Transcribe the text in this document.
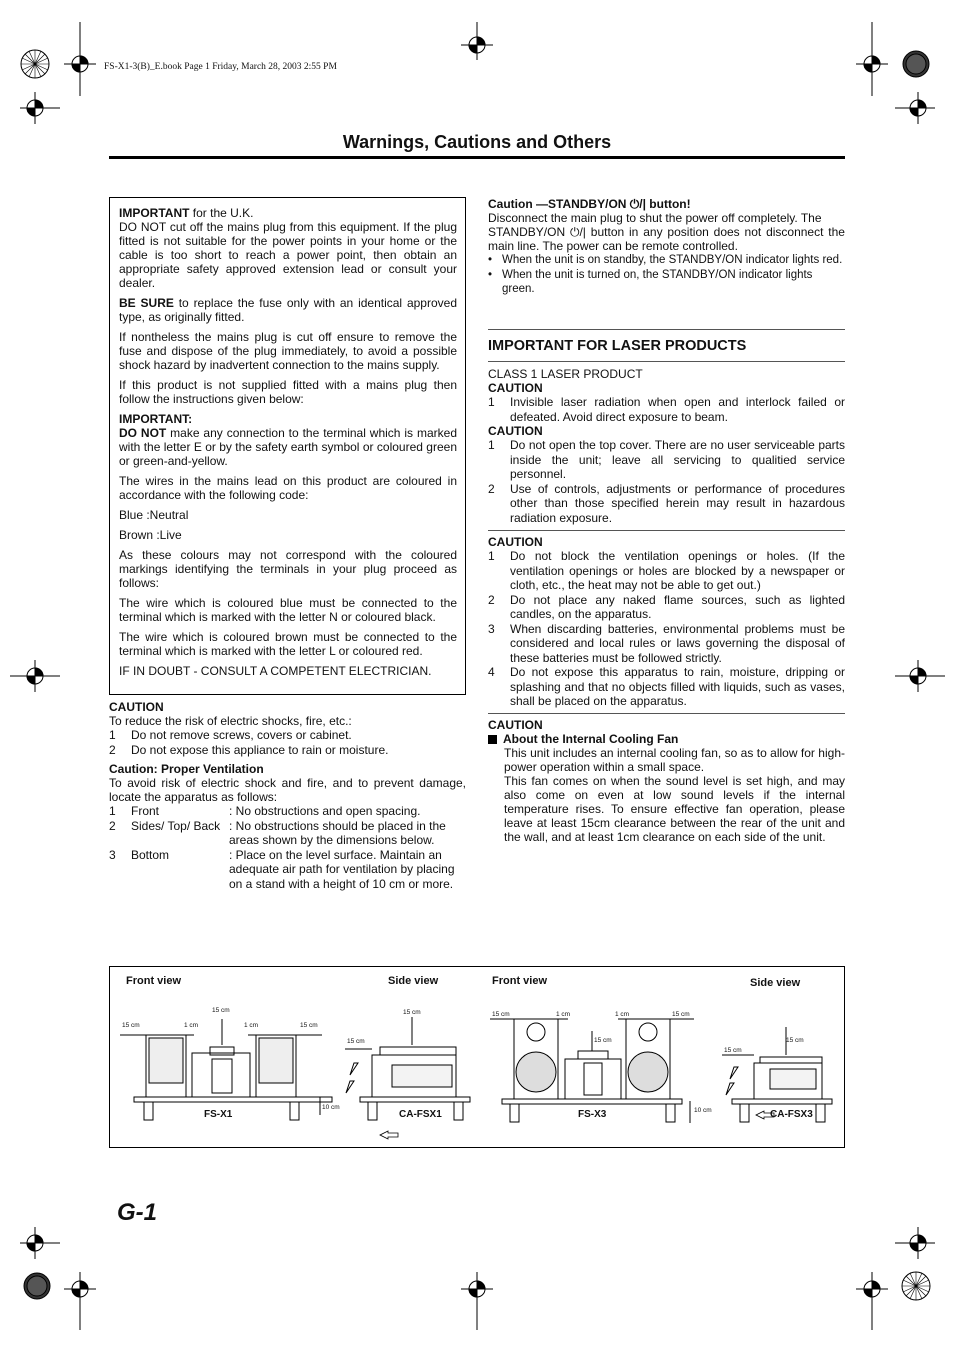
FS-X1-3(B)_E.book Page 1 Friday, March 28, 2003 2:55 PM
Warnings, Cautions and Others

IMPORTANT for the U.K.

DO NOT cut off the mains plug from this equipment. If the plug fitted is not suitable for the power points in your home or the cable is too short to reach a power point, then obtain an appropriate safety approved extension lead or consult your dealer.

BE SURE to replace the fuse only with an identical approved type, as originally fitted.

If nontheless the mains plug is cut off ensure to remove the fuse and dispose of the plug immediately, to avoid a possible shock hazard by inadvertent connection to the mains supply.

If this product is not supplied fitted with a mains plug then follow the instructions given below:

IMPORTANT:

DO NOT make any connection to the terminal which is marked with the letter E or by the safety earth symbol or coloured green or green-and-yellow.

The wires in the mains lead on this product are coloured in accordance with the following code:

Blue :Neutral

Brown :Live

As these colours may not correspond with the coloured markings identifying the terminals in your plug proceed as follows:

The wire which is coloured blue must be connected to the terminal which is marked with the letter N or coloured black.

The wire which is coloured brown must be connected to the terminal which is marked with the letter L or coloured red.

IF IN DOUBT - CONSULT A COMPETENT ELECTRICIAN.

CAUTION
To reduce the risk of electric shocks, fire, etc.:
1	Do not remove screws, covers or cabinet.
2	Do not expose this appliance to rain or moisture.
Caution: Proper Ventilation
To avoid risk of electric shock and fire, and to prevent damage, locate the apparatus as follows:
1	Front	: No obstructions and open spacing.
2	Sides/ Top/ Back : No obstructions should be placed in the areas shown by the dimensions below.
3	Bottom	: Place on the level surface. Maintain an adequate air path for ventilation by placing on a stand with a height of 10 cm or more.
Caution —STANDBY/ON ⏻/| button!
Disconnect the main plug to shut the power off completely. The
STANDBY/ON ⏻/| button in any position does not disconnect the main line. The power can be remote controlled.
• When the unit is on standby, the STANDBY/ON indicator lights red.
• When the unit is turned on, the STANDBY/ON indicator lights green.
IMPORTANT FOR LASER PRODUCTS
CLASS 1 LASER PRODUCT
CAUTION
1	Invisible laser radiation when open and interlock failed or defeated. Avoid direct exposure to beam.
CAUTION
1	Do not open the top cover. There are no user serviceable parts inside the unit; leave all servicing to qualitied service personnel.
2	Use of controls, adjustments or performance of procedures other than those specified herein may result in hazardous radiation exposure.
CAUTION
1	Do not block the ventilation openings or holes. (If the ventilation openings or holes are blocked by a newspaper or cloth, etc., the heat may not be able to get out.)
2	Do not place any naked flame sources, such as lighted candles, on the apparatus.
3	When discarding batteries, environmental problems must be considered and local rules or laws governing the disposal of these batteries must be followed strictly.
4	Do not expose this apparatus to rain, moisture, dripping or splashing and that no objects filled with liquids, such as vases, shall be placed on the apparatus.
CAUTION
About the Internal Cooling Fan
This unit includes an internal cooling fan, so as to allow for high-power operation within a small space.
This fan comes on when the sound level is set high, and may also come on even at low sound levels if the internal temperature rises. To ensure effective fan operation, please leave at least 15cm clearance between the rear of the unit and the wall, and at least 1cm clearance on each side of the unit.
Front view	Side view	Front view	Side view
15 cm
15 cm
1 cm	1 cm	15 cm
15 cm
15 cm
10 cm
15 cm	1 cm	1 cm	15 cm
15 cm
10 cm
15 cm
15 cm
FS-X1	CA-FSX1	FS-X3	CA-FSX3
G-1
